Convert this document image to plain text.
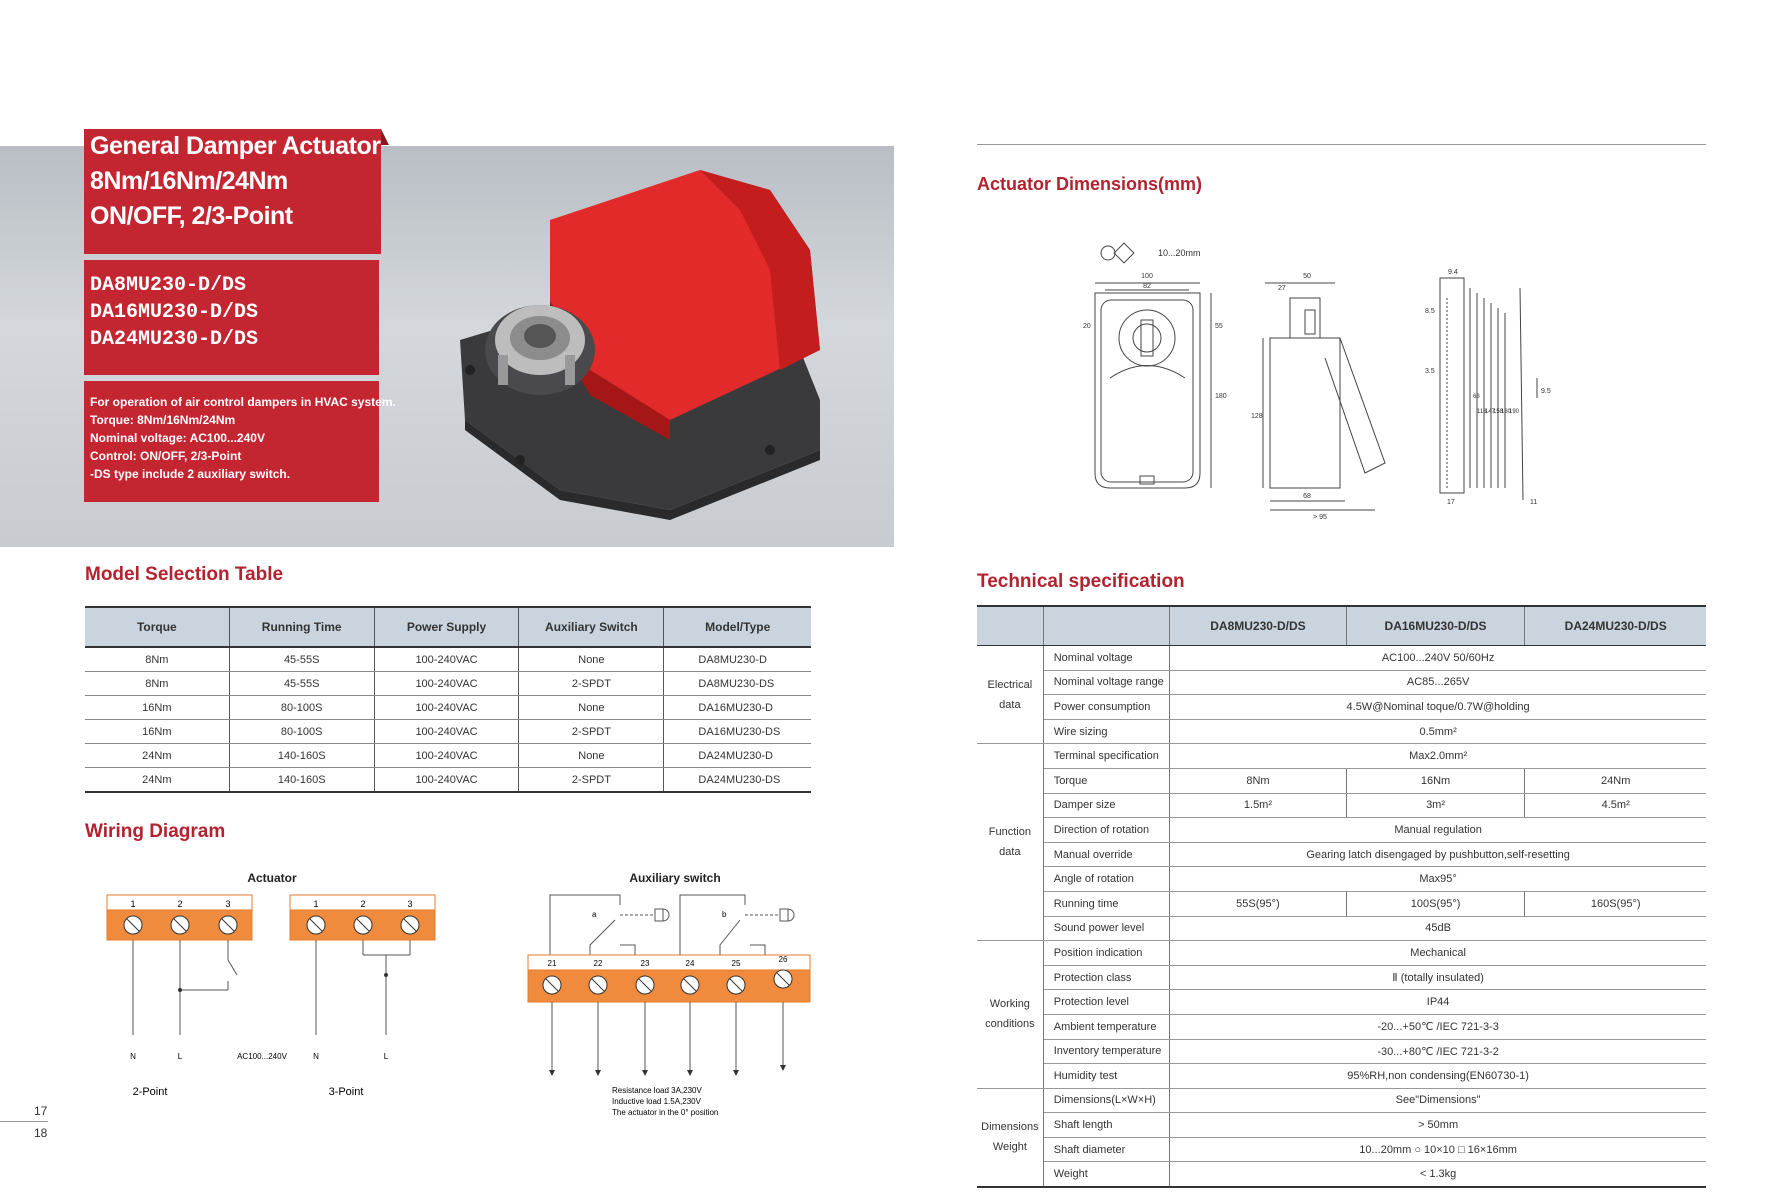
General Damper Actuator
8Nm/16Nm/24Nm
ON/OFF, 2/3-Point
DA8MU230-D/DS
DA16MU230-D/DS
DA24MU230-D/DS
For operation of air control dampers in HVAC system.
Torque: 8Nm/16Nm/24Nm
Nominal voltage: AC100...240V
Control: ON/OFF, 2/3-Point
-DS type include 2 auxiliary switch.
Model Selection Table
Torque	Running Time	Power Supply	Auxiliary Switch	Model/Type
8Nm	45-55S	100-240VAC	None	DA8MU230-D
8Nm	45-55S	100-240VAC	2-SPDT	DA8MU230-DS
16Nm	80-100S	100-240VAC	None	DA16MU230-D
16Nm	80-100S	100-240VAC	2-SPDT	DA16MU230-DS
24Nm	140-160S	100-240VAC	None	DA24MU230-D
24Nm	140-160S	100-240VAC	2-SPDT	DA24MU230-DS
Wiring Diagram
Actuator
1	2	3	1	2	3
N	L	AC100...240V	N	L
2-Point	3-Point
Auxiliary switch
a	b
21	22	23	24	25	26
Resistance load 3A,230V
Inductive load 1.5A,230V
The actuator in the 0° position
Actuator Dimensions(mm)
10...20mm
100
82
55
180
20
50
27
128
68
> 95
9.4
8.5
3.5
68
118
147
158
180
190
17	11
9.5
Technical specification
		DA8MU230-D/DS	DA16MU230-D/DS	DA24MU230-D/DS

Electrical
data	Nominal voltage	AC100...240V 50/60Hz		
	Nominal voltage range	AC85...265V		
	Power consumption	4.5W@Nominal toque/0.7W@holding		
	Wire sizing	0.5mm²		

Function
data	Terminal specification	Max2.0mm²		
	Torque	8Nm	16Nm	24Nm
	Damper size	1.5m²	3m²	4.5m²
	Direction of rotation	Manual regulation		
	Manual override	Gearing latch disengaged by pushbutton,self-resetting		
	Angle of rotation	Max95°		
	Running time	55S(95°)	100S(95°)	160S(95°)
	Sound power level	45dB		

Working
conditions	Position indication	Mechanical		
	Protection class	Ⅱ (totally insulated)		
	Protection level	IP44		
	Ambient temperature	-20...+50℃ /IEC 721-3-3		
	Inventory temperature	-30...+80℃ /IEC 721-3-2		
	Humidity test	95%RH,non condensing(EN60730-1)		

Dimensions
Weight	Dimensions(L×W×H)	See"Dimensions"		
	Shaft length	> 50mm		
	Shaft diameter	10...20mm ○ 10×10 □ 16×16mm		
	Weight	< 1.3kg		
17
18
